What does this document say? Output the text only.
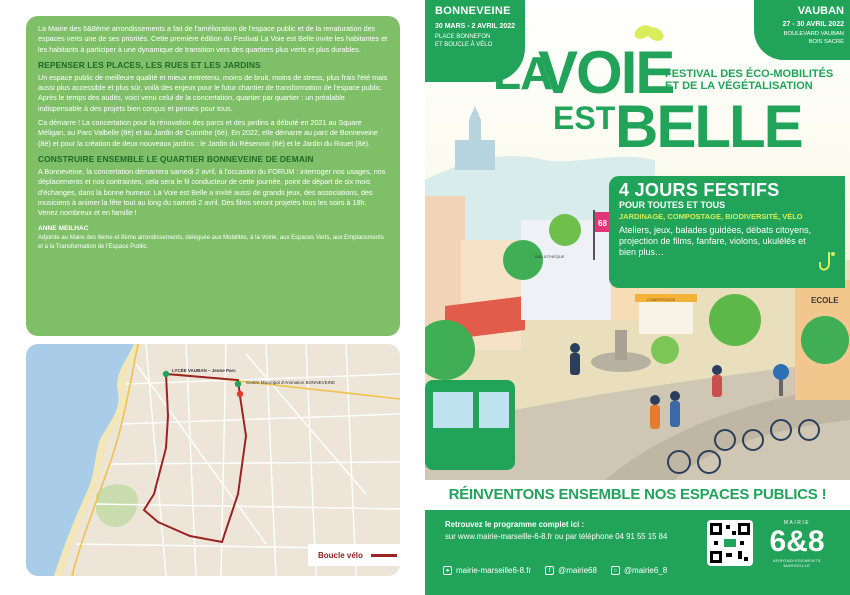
La Mairie des 6&8ème arrondissements a fait de l'amélioration de l'espace public et de la renaturation des espaces verts une de ses priorités. Cette première édition du Festival La Voie est Belle invite les habitantes et les habitants à participer à une dynamique de transition vers des quartiers plus verts et plus durables.

REPENSER LES PLACES, LES RUES ET LES JARDINS

Un espace public de meilleure qualité et mieux entretenu, moins de bruit, moins de stress, plus frais l'été mais aussi plus accessible et plus sûr, voilà des enjeux pour le futur chantier de transformation de l'espace public. Après le temps des audits, voici venu celui de la concertation, quartier par quartier : un préalable indispensable à des projets bien conçus et pensés pour tous.

Ca démarre ! La concertation pour la rénovation des parcs et des jardins a débuté en 2021 au Square Méligan, au Parc Valbelle (8è) et au Jardin de Corinthe (6è). En 2022, elle démarre au parc de Bonneveine (8è) et pour la création de deux nouveaux jardins : le Jardin du Réservoir (6è) et le Jardin du Rouet (8è).

CONSTRUIRE ENSEMBLE LE QUARTIER BONNEVEINE DE DEMAIN

A Bonneveine, la concertation démarrera samedi 2 avril, à l'occasion du FORUM : interroger nos usages, nos déplacements et nos contraintes, cela sera le fil conducteur de cette journée, point de départ de six mois d'échanges, dans la bonne humeur. La Voie est Belle a invité aussi de grands jeux, des associations, des musiciens à animer la fête tout au long du samedi 2 avril. Des films seront projetés tous les soirs à 18h. Venez nombreux et en famille !

ANNE MEILHAC
Adjointe au Maire des 6ème et 8ème arrondissements, déléguée aux Mobilités, à la Voirie, aux Espaces Verts, aux Emplacements et à la Transformation de l'Espace Public.
LYCÉE VAUBAN – Jeune Parc
Centre Municipal d'Animation BONNEVEINE
Boucle vélo
68
BIBLIOTHÈQUE
COMPOSTAGE
BONNEVEINE
30 MARS - 2 AVRIL 2022
PLACE BONNEFON
ET BOUCLE À VÉLO
VAUBAN
27 - 30 AVRIL 2022
BOULEVARD VAUBAN
BOIS SACRÉ
LA
VOIE
EST BELLE
FESTIVAL DES ÉCO-MOBILITÉS
ET DE LA VÉGÉTALISATION
4 JOURS FESTIFS
POUR TOUTES ET TOUS
JARDINAGE, COMPOSTAGE, BIODIVERSITÉ, VÉLO
Ateliers, jeux, balades guidées, débats citoyens, projection de films, fanfare, violons, ukulélés et bien plus…
ECOLE
RÉINVENTONS ENSEMBLE NOS ESPACES PUBLICS !
Retrouvez le programme complet ici :
sur www.mairie-marseille-6-8.fr ou par téléphone 04 91 55 15 84
● mairie-marseille6-8.fr	f @mairie68	○ @mairie6_8
MAIRIE
6&8
ARRONDISSEMENTS MARSEILLE
